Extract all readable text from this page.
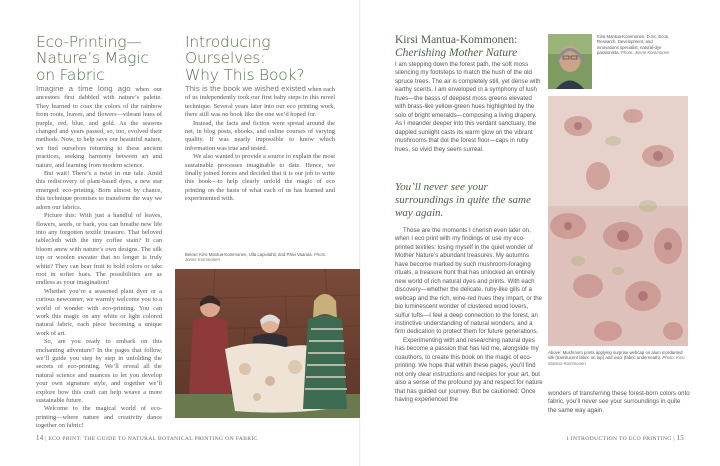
Eco-Printing—
Nature’s Magic
on Fabric

Imagine a time long ago when our ancestors first dabbled with nature’s palette. They learned to coax the colors of the rainbow from roots, leaves, and flowers—vibrant hues of purple, red, blue, and gold. As the seasons changed and years passed, so, too, evolved their methods. Now, to help save our beautiful nature, we find ourselves returning to these ancient practices, seeking harmony between art and nature, and learning from modern science.

But wait! There’s a twist in our tale. Amid this rediscovery of plant-based dyes, a new star emerged: eco-printing. Born almost by chance, this technique promises to transform the way we adorn our fabrics.

Picture this: With just a handful of leaves, flowers, seeds, or bark, you can breathe new life into any forgotten textile treasure. That beloved tablecloth with the tiny coffee stain? It can bloom anew with nature’s own designs. The silk top or woolen sweater that no longer is truly white? They can bear fruit to bold colors or take root in softer hues. The possibilities are as endless as your imagination!

Whether you’re a seasoned plant dyer or a curious newcomer, we warmly welcome you to a world of wonder with eco-printing. You can work this magic on any white or light colored natural fabric, each piece becoming a unique work of art.

So, are you ready to embark on this enchanting adventure? In the pages that follow, we’ll guide you step by step in unfolding the secrets of eco-printing. We’ll reveal all the natural science and nuances to let you develop your own signature style, and together we’ll explore how this craft can help weave a more sustainable future.

Welcome to the magical world of eco-printing—where nature and creativity dance together on fabric!

Introducing
Ourselves:
Why This Book?

This is the book we wished existed when each of us independently took our first baby steps in this novel technique. Several years later into our eco printing work, there still was no book like the one we’d hoped for.

Instead, the facts and fiction were spread around the net, in blog posts, ebooks, and online courses of varying quality. It was nearly impossible to know which information was true and tested.

We also wanted to provide a source to explain the most sustainable processes imaginable to date. Hence, we finally joined forces and decided that it is our job to write this book—to help clearly unfold the magic of eco printing on the basis of what each of us has learned and experimented with.

Below: Kirsi Mantua-Kommonen, Ulla Lapiolahti, and Päivi Vaarula. Photo: Jonne Kommonen
14 | ECO PRINT: THE GUIDE TO NATURAL BOTANICAL PRINTING ON FABRIC
Kirsi Mantua-Kommonen:
Cherishing Mother Nature
Kirsi Mantua-Kommonen, D.Sc. Econ, Research, Development, and innovations specialist, natural-dye passionista. Photo: Jonne Kommonen

I am stepping down the forest path, the soft moss silencing my footsteps to match the hush of the old spruce trees. The air is completely still, yet dense with earthy scents. I am enveloped in a symphony of lush hues—the basss of deepest moss greens elevated with brass-like yellow-green hues highlighted by the solo of bright emeralds—composing a living drapery. As I meander deeper into this verdant sanctuary, the dappled sunlight casts its warm glow on the vibrant mushrooms that dot the forest floor—caps in ruby hues, so vivid they seem surreal.

You’ll never see your surroundings in quite the same way again.

Those are the moments I cherish even later on, when I eco print with my findings or use my eco-printed textiles: losing myself in the quiet wonder of Mother Nature’s abundant treasures. My autumns have become marked by such mushroom-foraging rituals, a treasure hunt that has unlocked an entirely new world of rich natural dyes and prints. With each discovery—whether the delicate, ruby-like gills of a webcap and the rich, wine-red hues they impart, or the bio luminescent wonder of clustered wood lovers, sulfur tufts—I feel a deep connection to the forest, an instinctive understanding of natural wonders, and a firm dedication to protect them for future generations.

Experimenting with and researching natural dyes has become a passion that has led me, alongside my coauthors, to create this book on the magic of eco-printing. We hope that within these pages, you’ll find not only clear instructions and recipes for your art, but also a sense of the profound joy and respect for nature that has guided our journey. But be cautioned: Once having experienced the

Above: Mushroom prints applying surprise webcap on alum mordanted silk (translucent fabric on top) and wool (fabric underneath). Photo: Kirsi Mantua-Kommonen

wonders of transferring these forest-born colors onto fabric, you’ll never see your surroundings in quite the same way again.

1 INTRODUCTION TO ECO PRINTING | 15
